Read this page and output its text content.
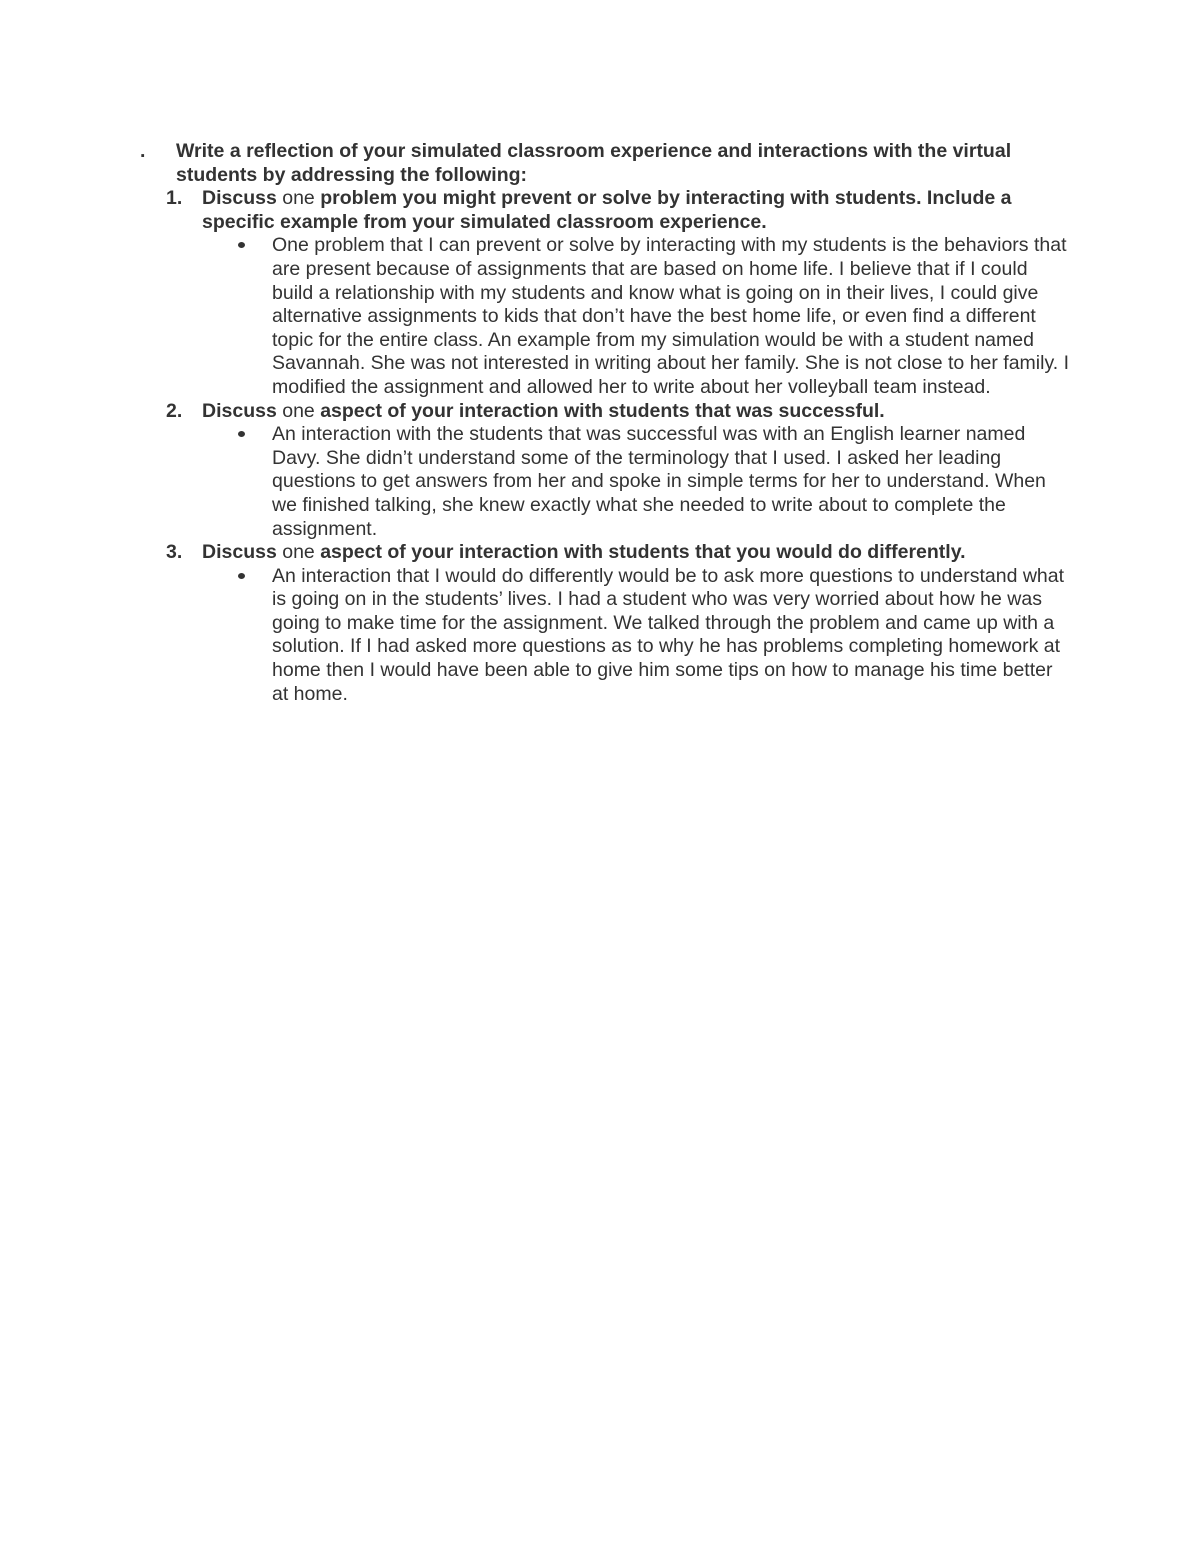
. Write a reflection of your simulated classroom experience and interactions with the virtual students by addressing the following:
1. Discuss one problem you might prevent or solve by interacting with students. Include a specific example from your simulated classroom experience.
One problem that I can prevent or solve by interacting with my students is the behaviors that are present because of assignments that are based on home life. I believe that if I could build a relationship with my students and know what is going on in their lives, I could give alternative assignments to kids that don’t have the best home life, or even find a different topic for the entire class. An example from my simulation would be with a student named Savannah. She was not interested in writing about her family. She is not close to her family. I modified the assignment and allowed her to write about her volleyball team instead.
2. Discuss one aspect of your interaction with students that was successful.
An interaction with the students that was successful was with an English learner named Davy. She didn’t understand some of the terminology that I used. I asked her leading questions to get answers from her and spoke in simple terms for her to understand. When we finished talking, she knew exactly what she needed to write about to complete the assignment.
3. Discuss one aspect of your interaction with students that you would do differently.
An interaction that I would do differently would be to ask more questions to understand what is going on in the students’ lives. I had a student who was very worried about how he was going to make time for the assignment. We talked through the problem and came up with a solution. If I had asked more questions as to why he has problems completing homework at home then I would have been able to give him some tips on how to manage his time better at home.
